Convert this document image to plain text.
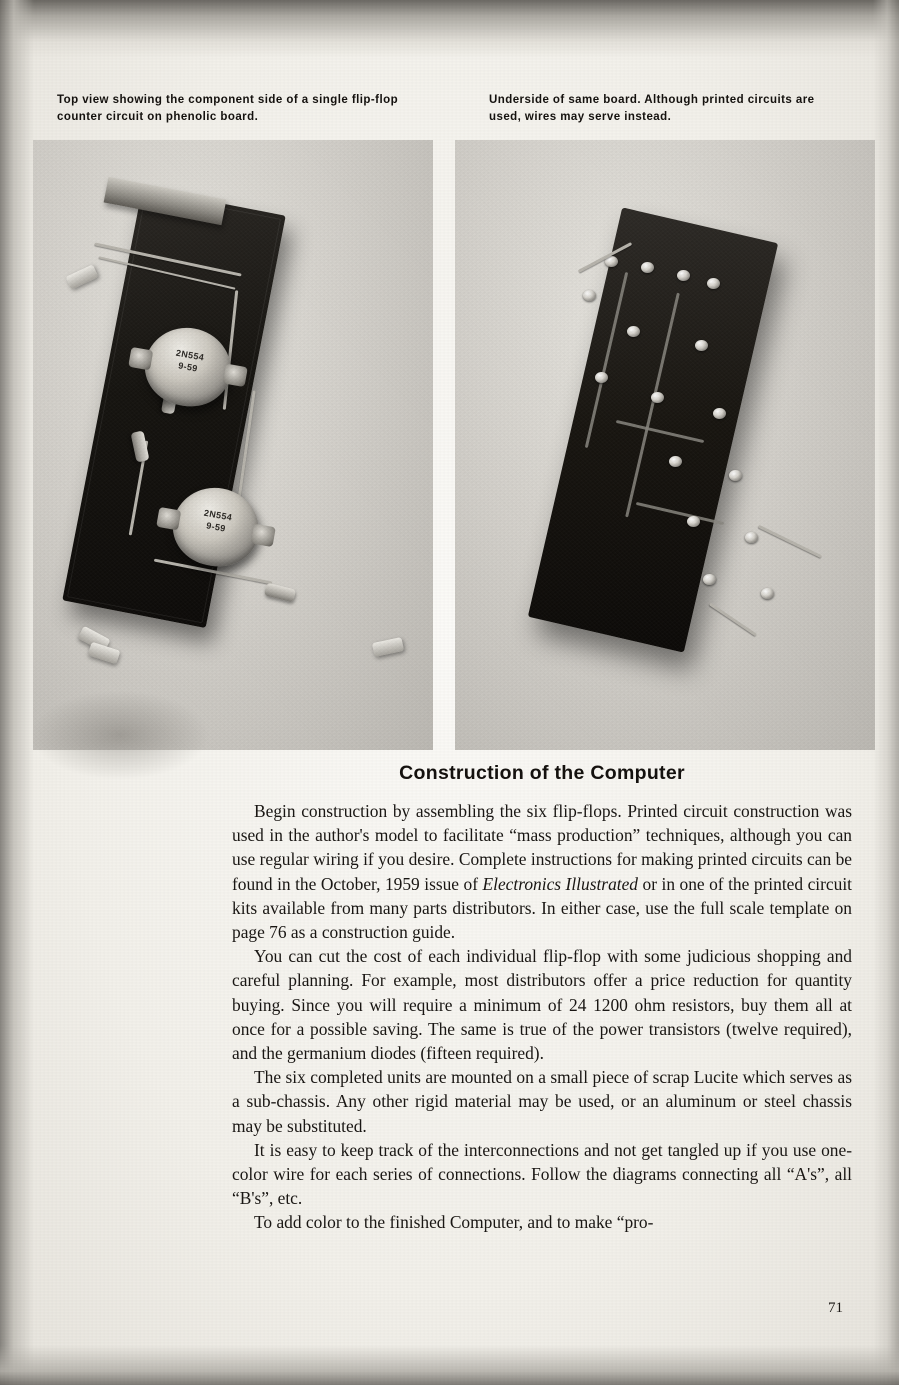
Top view showing the component side of a single flip-flop counter circuit on phenolic board.
Underside of same board. Although printed circuits are used, wires may serve instead.
2N554
9-59
2N554
9-59
Construction of the Computer

Begin construction by assembling the six flip-flops. Printed circuit construction was used in the author's model to facilitate “mass production” techniques, although you can use regular wiring if you desire. Complete instructions for making printed circuits can be found in the October, 1959 issue of Electronics Illustrated or in one of the printed circuit kits available from many parts distributors. In either case, use the full scale template on page 76 as a construction guide.

You can cut the cost of each individual flip-flop with some judicious shopping and careful planning. For example, most distributors offer a price reduction for quantity buying. Since you will require a minimum of 24 1200 ohm resistors, buy them all at once for a possible saving. The same is true of the power transistors (twelve required), and the germanium diodes (fifteen required).

The six completed units are mounted on a small piece of scrap Lucite which serves as a sub-chassis. Any other rigid material may be used, or an aluminum or steel chassis may be substituted.

It is easy to keep track of the interconnections and not get tangled up if you use one-color wire for each series of connections. Follow the diagrams connecting all “A's”, all “B's”, etc.

To add color to the finished Computer, and to make “pro-

71
